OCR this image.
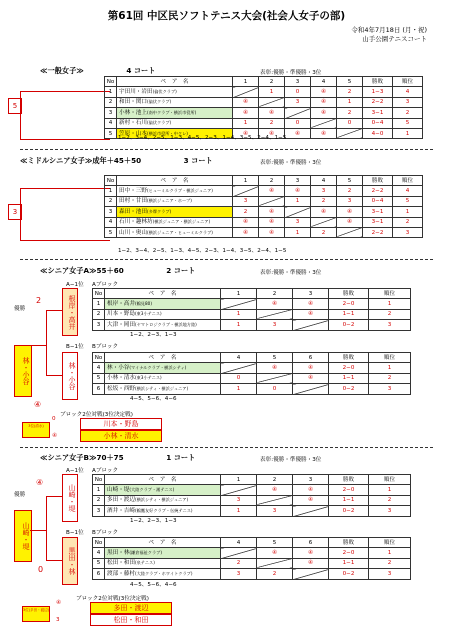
第61回 中区民ソフトテニス大会(社会人女子の部)
令和4年7月18日 (月・祝)
山手公園テニスコート
≪一般女子≫	4 コート	表彰:優勝・準優勝・3位
5
No	ペ　ア　名	1	2	3	4	5	勝敗	順位
1	宇田川・岩田(倫伏クラブ)		1	0	④	2	1−3	4
2	和田・関口(倫伏クラブ)	④		3	④	1	2−2	3
3	小林・池上(南中クラブ・横浜市役所)	④	④		④	2	3−1	2
4	新村・石川(倫伏クラブ)	1	2	0		0	0−4	5
5	笠原・山本(横浜市役所・中クレ)	④	④	④	④		4−0	1
1−2、3−4、2−5、1−3、4−5、2−3、1−4、3−5、2−4、1−5
≪ミドルシニア女子≫成年＋45＋50	3 コート	表彰:優勝・準優勝・3位
3
No	ペ　ア　名	1	2	3	4	5	勝敗	順位
1	田中・三野(ヒューミルクラブ・横浜ジュニア)		④	④	3	2	2−2	4
2	田村・甘田(横浜ジュニア・ホープ)	3		1	2	3	0−4	5
3	森田・池田(多摩クラブ)	2	④		④	④	3−1	1
4	石川・趣林坊(横浜ジュニア・横浜ジュニア)	④	④	3		④	3−1	2
5	山川・奥山(横浜ジュニア・ヒューミルクラブ)	④	④	1	2		2−2	3
1−2、3−4、2−5、1−3、4−5、2−3、1−4、3−5、2−4、1−5
≪シニア女子A≫55＋60	2 コート	表彰:優勝・準優勝・3位
A−1位 Aブロック
No	ペ　ア　名	1	2	3	勝敗	順位
1	根岸・高井(鶴見80)		④	④	2−0	1
2	川本・野島(東3小テニス)	1		④	1−1	2
3	大津・岡田(ヤマトロジクラブ・横浜地方陸)	1	3		0−2	3
1−2、2−3、1−3
B−1位 Bブロック
No	ペ　ア　名	4	5	6	勝敗	順位
4	林・小谷(マイナルクラブ・横浜シティ)		④	④	2−0	1
5	小林・清水(東3小テニス)	0		④	1−1	2
6	松坂・西野(横浜シティ・横浜ジュニア)	1	0		0−2	3
4−5、5−6、4−6
優勝
林・小谷
根岸・高井
林・小谷
2
④
ブロック2位対戦(3位決定戦)
川本・野島
小林・清水
3位(清水)
0
④
≪シニア女子B≫70＋75	1 コート	表彰:優勝・準優勝・3位
A−1位 Aブロック
No	ペ　ア　名	1	2	3	勝敗	順位
1	山崎・堤(大陸クラブ・湘テニス)		④	④	2−0	1
2	多田・渡辺(横浜シティ・横浜ジュニア)	3		④	1−1	2
3	酒井・吉崎(鶴鷹友好クラブ・伝統テニス)	1	3		0−2	3
1−2、2−3、1−3
B−1位 Bブロック
No	ペ　ア　名	4	5	6	勝敗	順位
4	黒田・林(鎌倉福祉クラブ)		④	④	2−0	1
5	松田・和田(泉テニス)	2		④	1−1	2
6	渡部・藤村(大陸クラブ・ホワイトクラブ)	3	2		0−2	3
4−5、5−6、4−6
優勝
山崎・堤
山崎・堤
黒田・林
④
0
ブロック2位対戦(3位決定戦)
多田・渡辺
松田・和田
3位(多田・渡辺)
④
3
